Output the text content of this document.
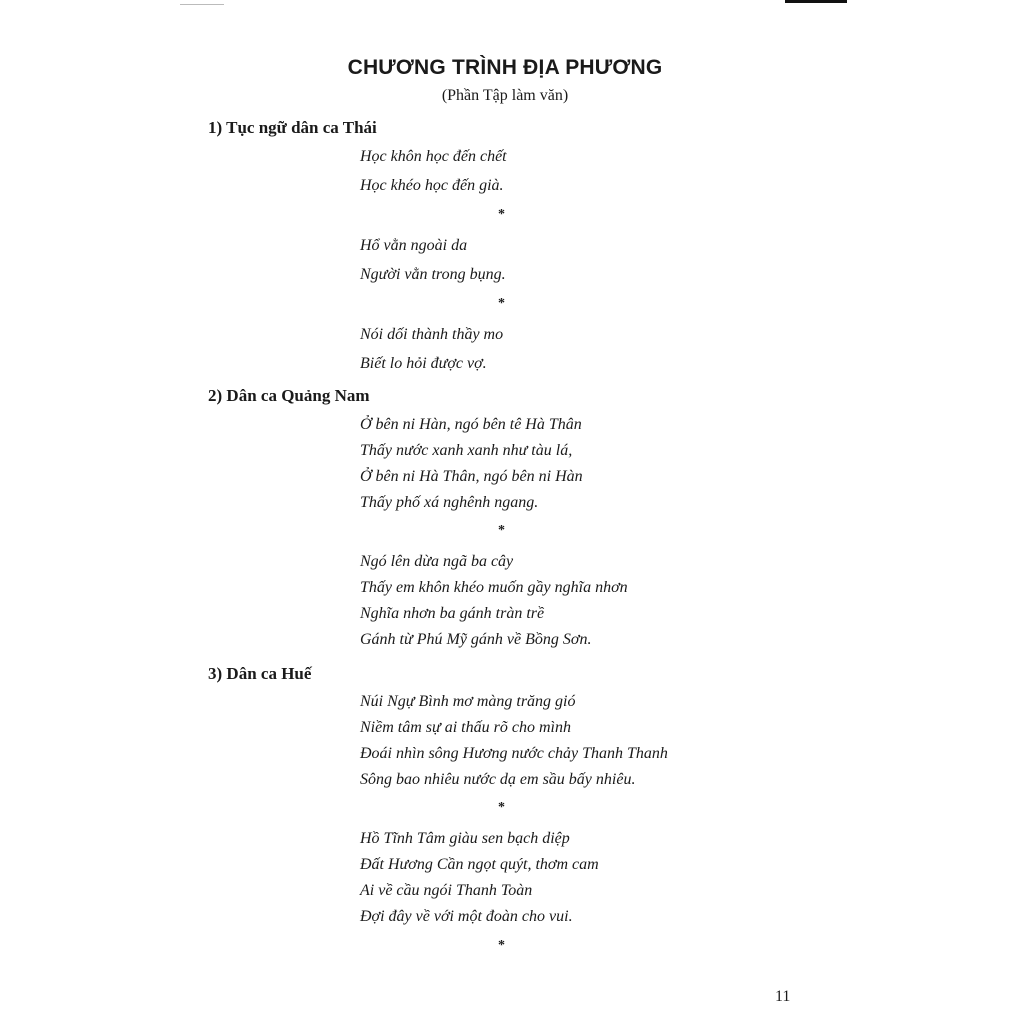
CHƯƠNG TRÌNH ĐỊA PHƯƠNG
(Phần Tập làm văn)
1) Tục ngữ dân ca Thái
Học khôn học đến chết
Học khéo học đến già.
*
Hổ vằn ngoài da
Người vằn trong bụng.
*
Nói dối thành thầy mo
Biết lo hỏi được vợ.
2) Dân ca Quảng Nam
Ở bên ni Hàn, ngó bên tê Hà Thân
Thấy nước xanh xanh như tàu lá,
Ở bên ni Hà Thân, ngó bên ni Hàn
Thấy phố xá nghênh ngang.
*
Ngó lên dừa ngã ba cây
Thấy em khôn khéo muốn gầy nghĩa nhơn
Nghĩa nhơn ba gánh tràn trề
Gánh từ Phú Mỹ gánh về Bồng Sơn.
3) Dân ca Huế
Núi Ngự Bình mơ màng trăng gió
Niềm tâm sự ai thấu rõ cho mình
Đoái nhìn sông Hương nước chảy Thanh Thanh
Sông bao nhiêu nước dạ em sầu bấy nhiêu.
*
Hồ Tĩnh Tâm giàu sen bạch diệp
Đất Hương Cần ngọt quýt, thơm cam
Ai về cầu ngói Thanh Toàn
Đợi đây về với một đoàn cho vui.
*
11
